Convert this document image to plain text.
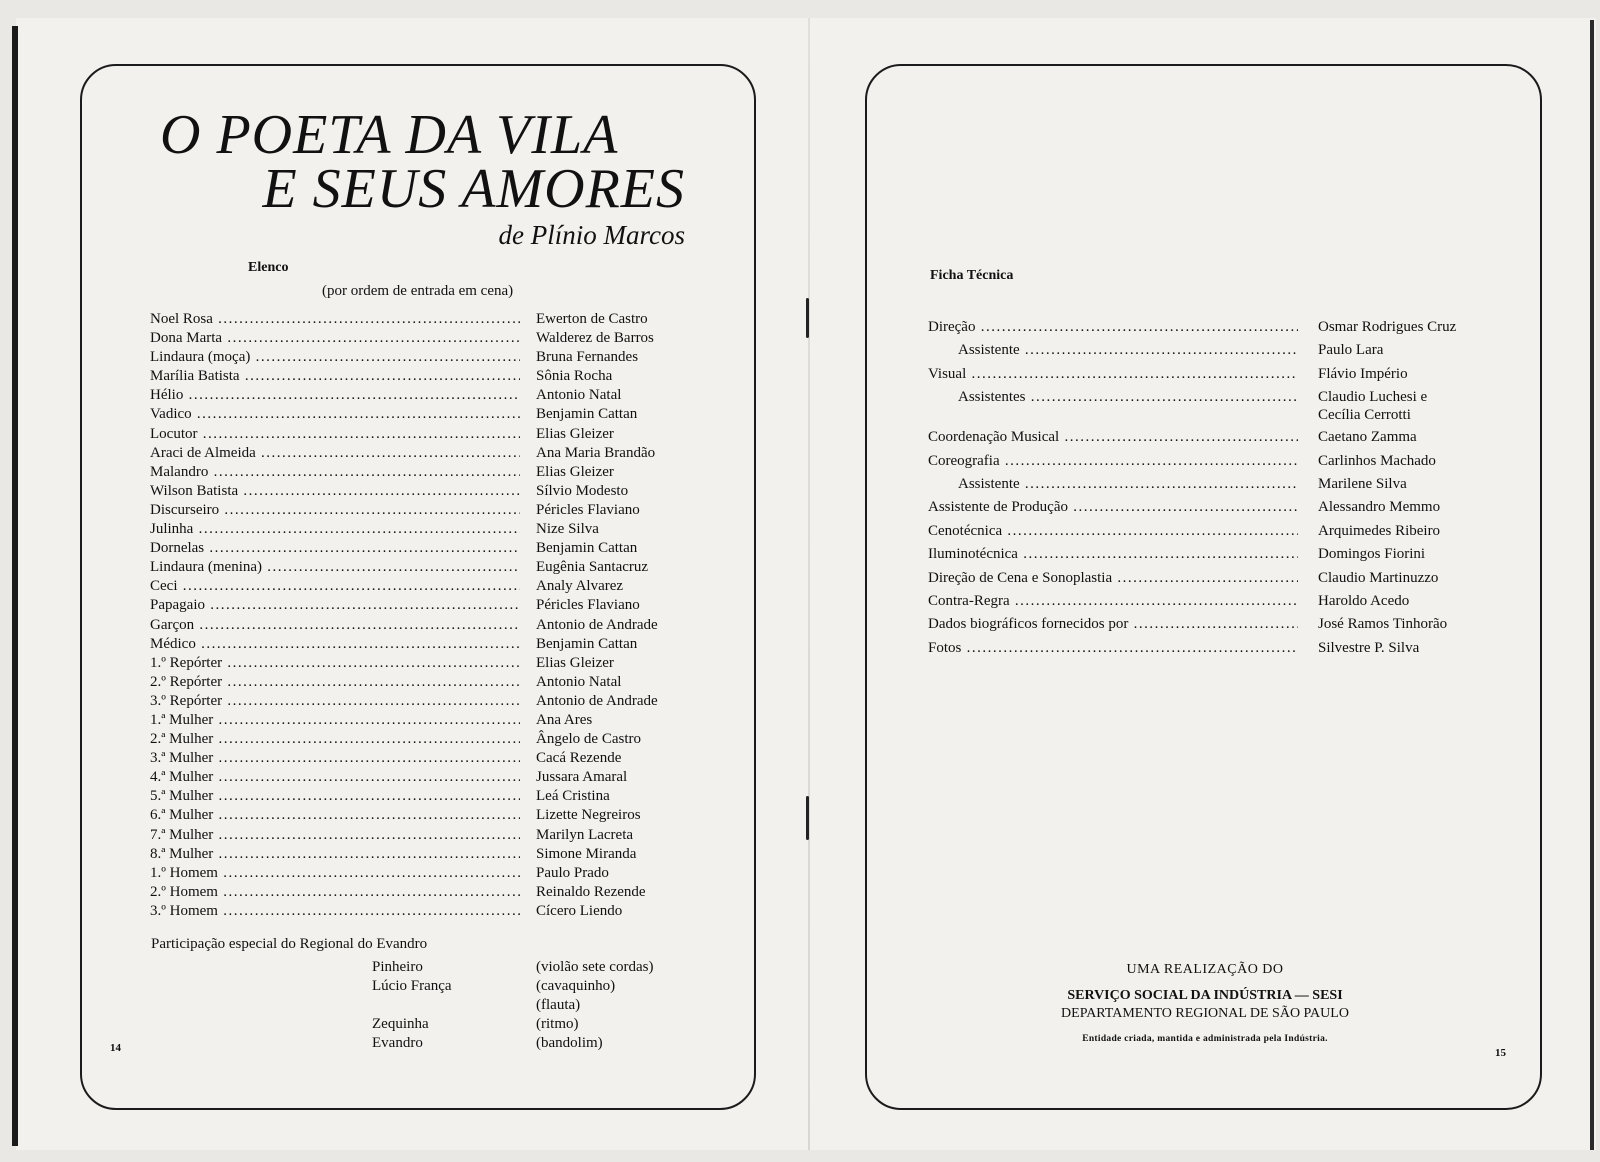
O POETA DA VILA
E SEUS AMORES
de Plínio Marcos
Elenco
(por ordem de entrada em cena)
Noel Rosa .....	Ewerton de Castro
Dona Marta .....	Walderez de Barros
Lindaura (moça) .....	Bruna Fernandes
Marília Batista .....	Sônia Rocha
Hélio .....	Antonio Natal
Vadico .....	Benjamin Cattan
Locutor .....	Elias Gleizer
Araci de Almeida .....	Ana Maria Brandão
Malandro .....	Elias Gleizer
Wilson Batista .....	Sílvio Modesto
Discurseiro .....	Péricles Flaviano
Julinha .....	Nize Silva
Dornelas .....	Benjamin Cattan
Lindaura (menina) .....	Eugênia Santacruz
Ceci .....	Analy Alvarez
Papagaio .....	Péricles Flaviano
Garçon .....	Antonio de Andrade
Médico .....	Benjamin Cattan
1.º Repórter .....	Elias Gleizer
2.º Repórter .....	Antonio Natal
3.º Repórter .....	Antonio de Andrade
1.ª Mulher .....	Ana Ares
2.ª Mulher .....	Ângelo de Castro
3.ª Mulher .....	Cacá Rezende
4.ª Mulher .....	Jussara Amaral
5.ª Mulher .....	Leá Cristina
6.ª Mulher .....	Lizette Negreiros
7.ª Mulher .....	Marilyn Lacreta
8.ª Mulher .....	Simone Miranda
1.º Homem .....	Paulo Prado
2.º Homem .....	Reinaldo Rezende
3.º Homem .....	Cícero Liendo
Participação especial do Regional do Evandro
Pinheiro	(violão sete cordas)
Lúcio França	(cavaquinho)
(flauta)
Zequinha	(ritmo)
Evandro	(bandolim)
14
Ficha Técnica
Direção .....	Osmar Rodrigues Cruz
Assistente .....	Paulo Lara
Visual .....	Flávio Império
Assistentes .....	Claudio Luchesi e
Cecília Cerrotti
Coordenação Musical .....	Caetano Zamma
Coreografia .....	Carlinhos Machado
Assistente .....	Marilene Silva
Assistente de Produção .....	Alessandro Memmo
Cenotécnica .....	Arquimedes Ribeiro
Iluminotécnica .....	Domingos Fiorini
Direção de Cena e Sonoplastia .....	Claudio Martinuzzo
Contra-Regra .....	Haroldo Acedo
Dados biográficos fornecidos por .....	José Ramos Tinhorão
Fotos .....	Silvestre P. Silva
UMA REALIZAÇÃO DO
SERVIÇO SOCIAL DA INDÚSTRIA — SESI
DEPARTAMENTO REGIONAL DE SÃO PAULO
Entidade criada, mantida e administrada pela Indústria.
15
